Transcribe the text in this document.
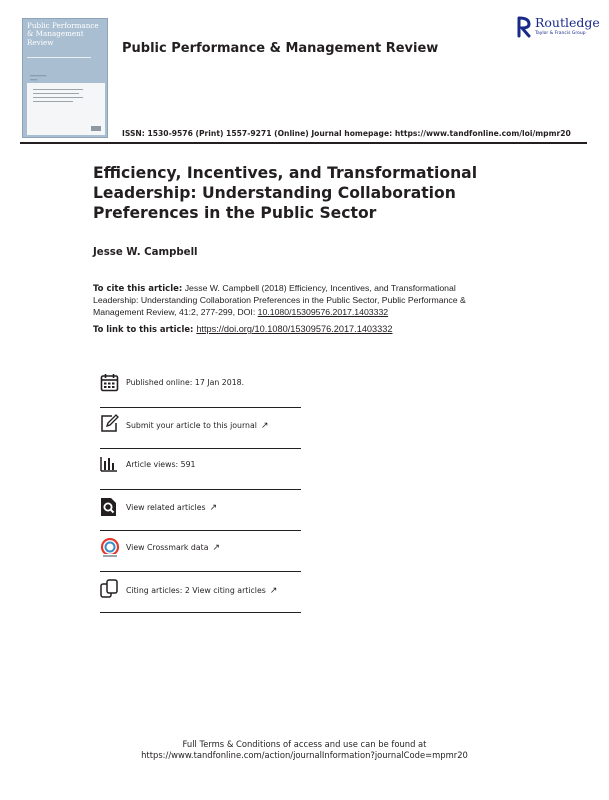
Public Performance & Management Review
━━━━━━━━━
━━━━
Routledge
Taylor & Francis Group
Public Performance & Management Review
ISSN: 1530-9576 (Print) 1557-9271 (Online) Journal homepage: https://www.tandfonline.com/loi/mpmr20
Efficiency, Incentives, and Transformational
Leadership: Understanding Collaboration
Preferences in the Public Sector
Jesse W. Campbell
To cite this article: Jesse W. Campbell (2018) Efficiency, Incentives, and Transformational
Leadership: Understanding Collaboration Preferences in the Public Sector, Public Performance &
Management Review, 41:2, 277-299, DOI: 10.1080/15309576.2017.1403332
To link to this article: https://doi.org/10.1080/15309576.2017.1403332
Published online: 17 Jan 2018.
Submit your article to this journal ↗
Article views: 591
View related articles ↗
View Crossmark data ↗
Citing articles: 2 View citing articles ↗
Full Terms & Conditions of access and use can be found at
https://www.tandfonline.com/action/journalInformation?journalCode=mpmr20
